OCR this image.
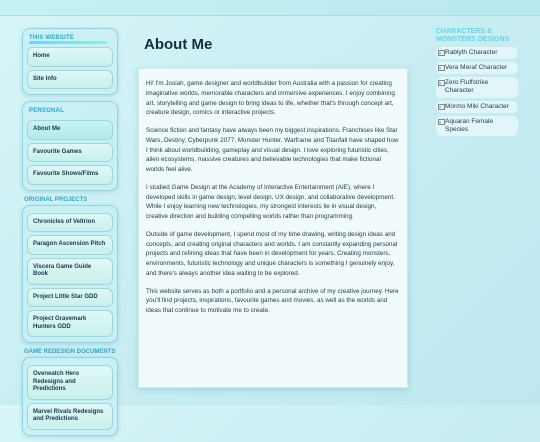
THIS WEBSITE
Home
Site Info
PERSONAL
About Me
Favourite Games
Favourite Shows/Films
ORIGINAL PROJECTS
Chronicles of Veltrion
Paragon Ascension Pitch
Viscera Game Guide Book
Project Little Star GDD
Project Gravemark Hunters GDD
GAME REDESIGN DOCUMENTS
Overwatch Hero Redesigns and Predictions
Marvel Rivals Redesigns and Predictions
About Me

Hi! I'm Josiah, game designer and worldbuilder from Australia with a passion for creating imaginative worlds, memorable characters and immersive experiences. I enjoy combining art, storytelling and game design to bring ideas to life, whether that's through concept art, creature design, comics or interactive projects.

Science fiction and fantasy have always been my biggest inspirations. Franchises like Star Wars, Destiny, Cyberpunk 2077, Monster Hunter, Warframe and Titanfall have shaped how I think about worldbuilding, gameplay and visual design. I love exploring futuristic cities, alien ecosystems, massive creatures and believable technologies that make fictional worlds feel alive.

I studied Game Design at the Academy of Interactive Entertainment (AIE), where I developed skills in game design, level design, UX design, and collaborative development. While I enjoy learning new technologies, my strongest interests lie in visual design, creative direction and building compelling worlds rather than programming.

Outside of game development, I spend most of my time drawing, writing design ideas and concepts, and creating original characters and worlds. I am constantly expanding personal projects and refining ideas that have been in development for years. Creating monsters, environments, futuristic technology and unique characters is something I genuinely enjoy, and there's always another idea waiting to be explored.

This website serves as both a portfolio and a personal archive of my creative journey. Here you'll find projects, inspirations, favourite games and movies, as well as the worlds and ideas that continue to motivate me to create.

CHARACTERS & MONSTERS DESIGNS
Rablyth Character
Vera Meraf Character
Zero Fluffstrike Character
Mormo Miki Character
Aquaran Female Species
